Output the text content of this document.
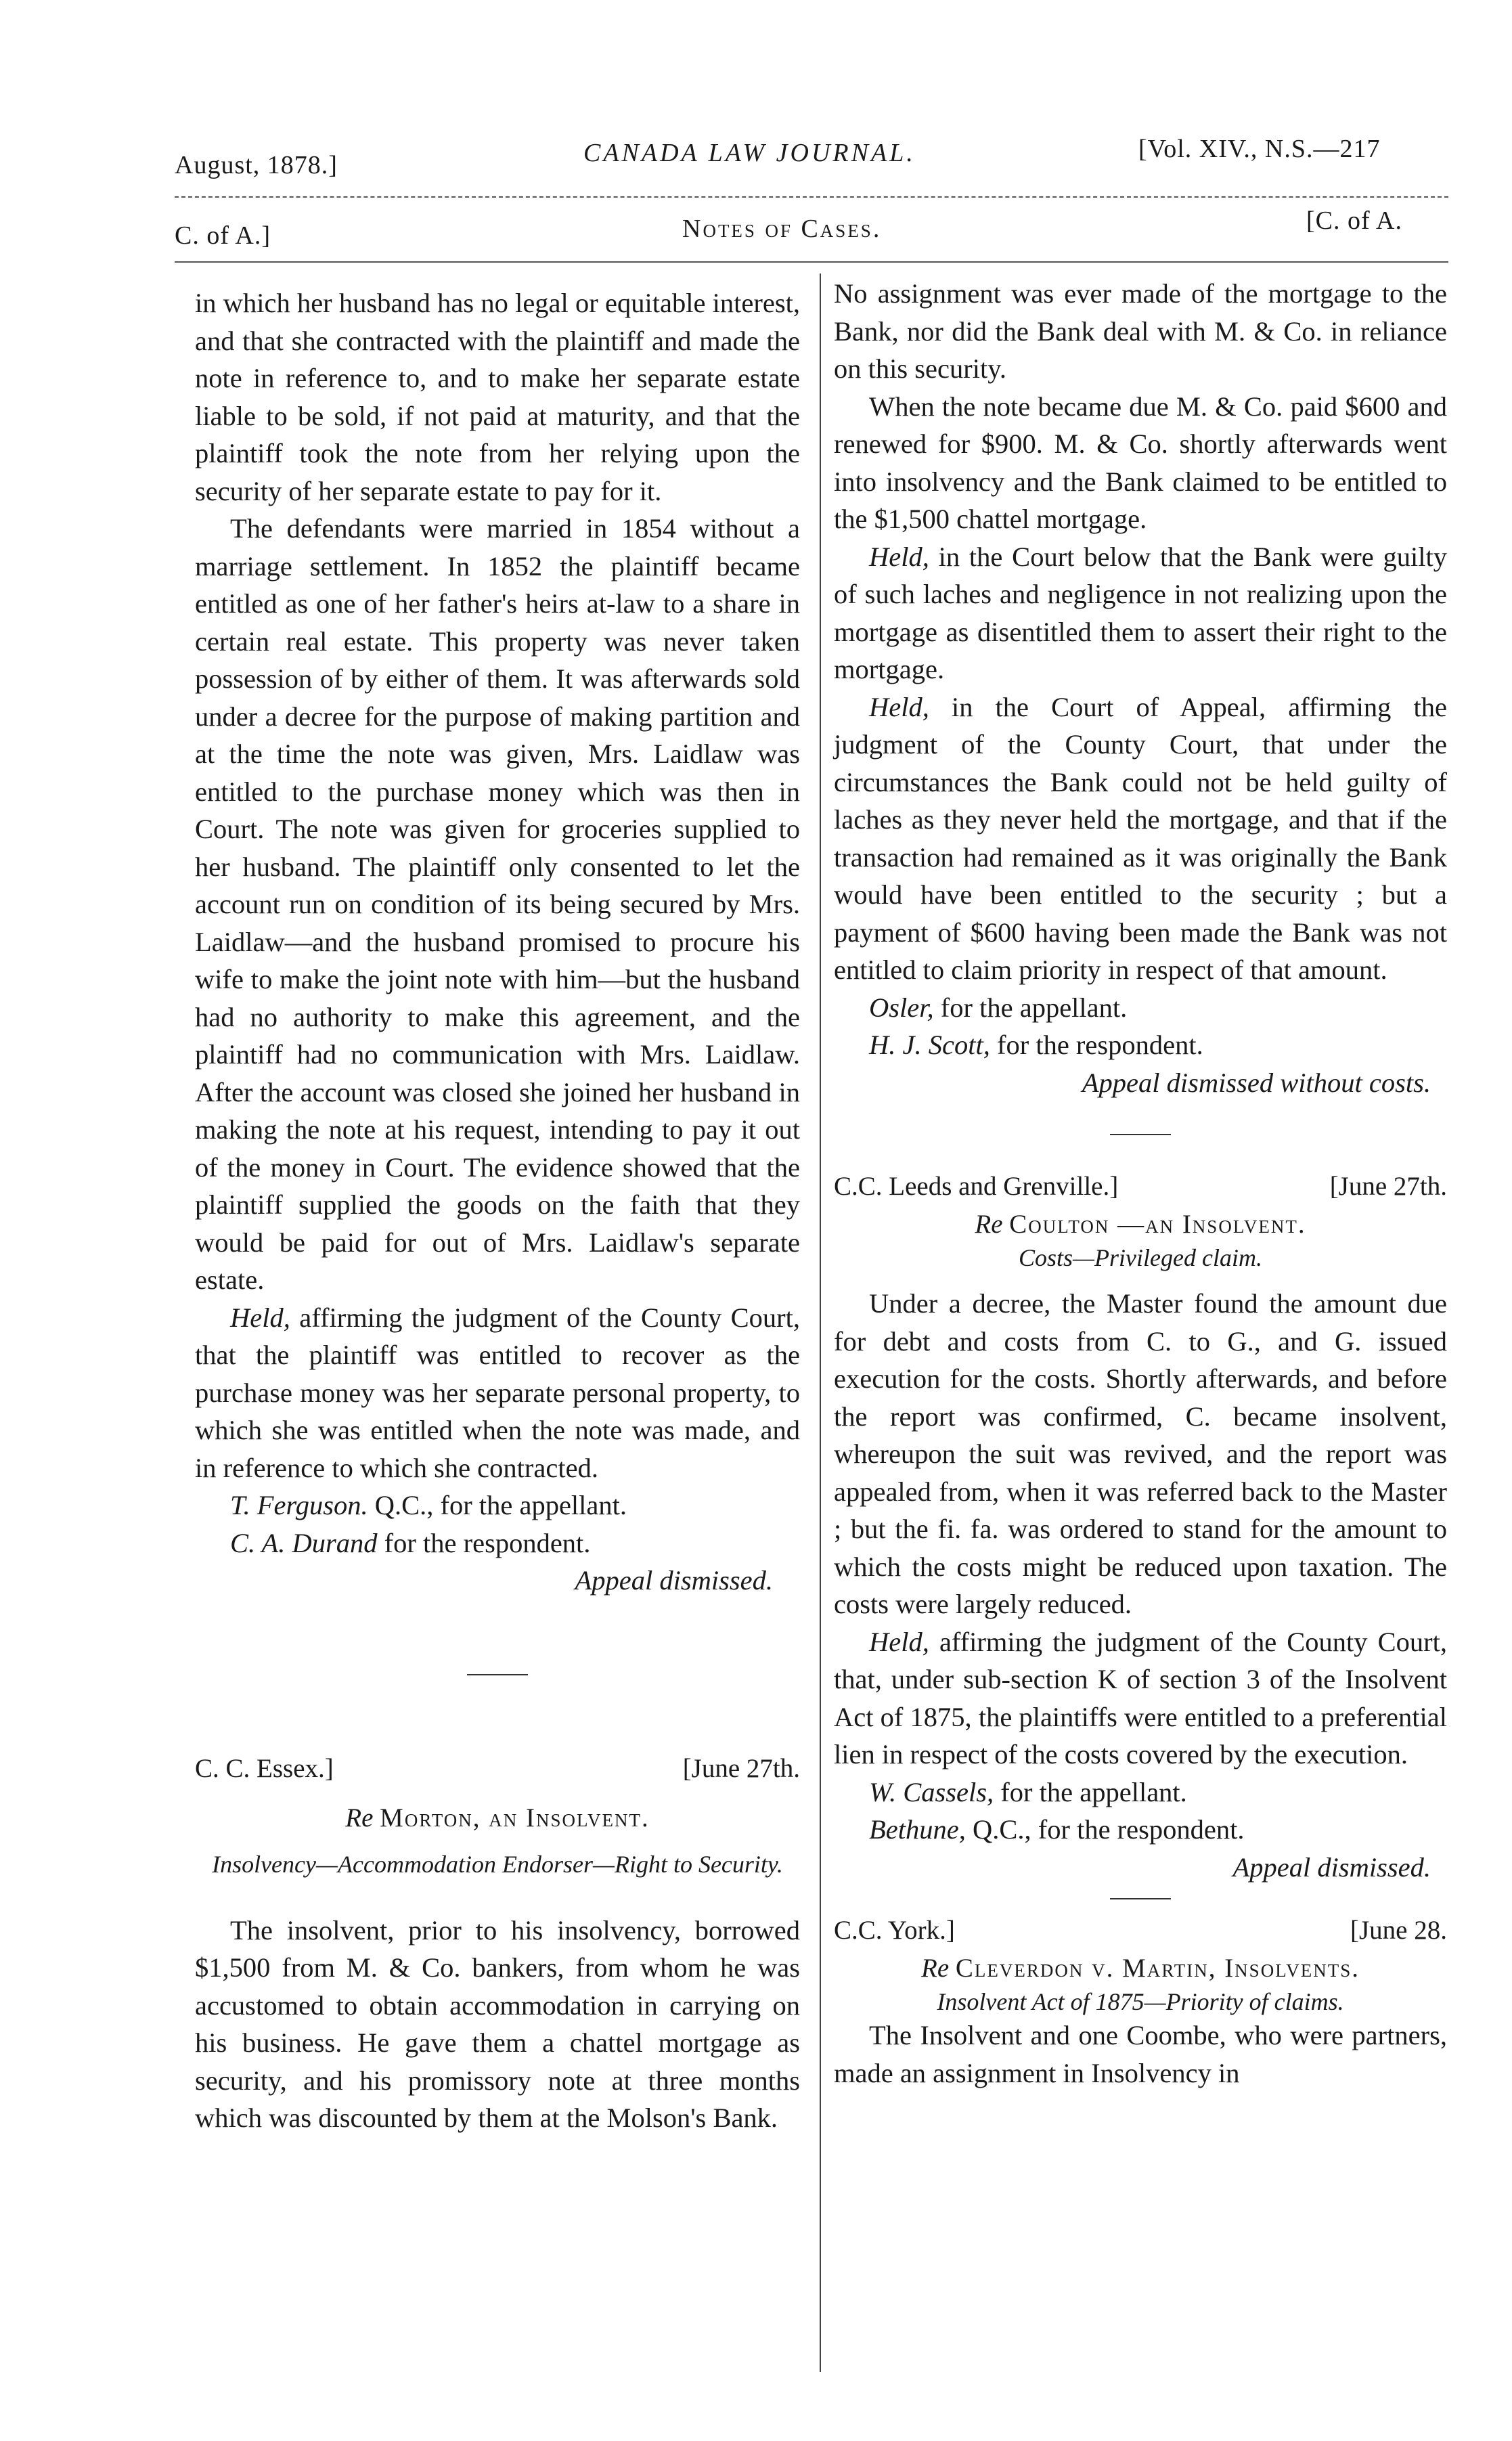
August, 1878.]	CANADA LAW JOURNAL.	[Vol. XIV., N.S.—217
C. of A.]	Notes of Cases.	[C. of A.

in which her husband has no legal or equitable interest, and that she contracted with the plaintiff and made the note in reference to, and to make her separate estate liable to be sold, if not paid at maturity, and that the plaintiff took the note from her relying upon the security of her separate estate to pay for it.

The defendants were married in 1854 without a marriage settlement. In 1852 the plaintiff became entitled as one of her father's heirs at-law to a share in certain real estate. This property was never taken possession of by either of them. It was afterwards sold under a decree for the purpose of making partition and at the time the note was given, Mrs. Laidlaw was entitled to the purchase money which was then in Court. The note was given for groceries supplied to her husband. The plaintiff only consented to let the account run on condition of its being secured by Mrs. Laidlaw—and the husband promised to procure his wife to make the joint note with him—but the husband had no authority to make this agreement, and the plaintiff had no communication with Mrs. Laidlaw. After the account was closed she joined her husband in making the note at his request, intending to pay it out of the money in Court. The evidence showed that the plaintiff supplied the goods on the faith that they would be paid for out of Mrs. Laidlaw's separate estate.

Held, affirming the judgment of the County Court, that the plaintiff was entitled to recover as the purchase money was her separate personal property, to which she was entitled when the note was made, and in reference to which she contracted.

T. Ferguson. Q.C., for the appellant.

C. A. Durand for the respondent.

Appeal dismissed.

C. C. Essex.]	[June 27th.

Re Morton, an Insolvent.

Insolvency—Accommodation Endorser—Right to Security.

The insolvent, prior to his insolvency, borrowed $1,500 from M. & Co. bankers, from whom he was accustomed to obtain accommodation in carrying on his business. He gave them a chattel mortgage as security, and his promissory note at three months which was discounted by them at the Molson's Bank.

No assignment was ever made of the mortgage to the Bank, nor did the Bank deal with M. & Co. in reliance on this security.

When the note became due M. & Co. paid $600 and renewed for $900. M. & Co. shortly afterwards went into insolvency and the Bank claimed to be entitled to the $1,500 chattel mortgage.

Held, in the Court below that the Bank were guilty of such laches and negligence in not realizing upon the mortgage as disentitled them to assert their right to the mortgage.

Held, in the Court of Appeal, affirming the judgment of the County Court, that under the circumstances the Bank could not be held guilty of laches as they never held the mortgage, and that if the transaction had remained as it was originally the Bank would have been entitled to the security ; but a payment of $600 having been made the Bank was not entitled to claim priority in respect of that amount.

Osler, for the appellant.

H. J. Scott, for the respondent.

Appeal dismissed without costs.

C.C. Leeds and Grenville.]	[June 27th.

Re Coulton —an Insolvent.

Costs—Privileged claim.

Under a decree, the Master found the amount due for debt and costs from C. to G., and G. issued execution for the costs. Shortly afterwards, and before the report was confirmed, C. became insolvent, whereupon the suit was revived, and the report was appealed from, when it was referred back to the Master ; but the fi. fa. was ordered to stand for the amount to which the costs might be reduced upon taxation. The costs were largely reduced.

Held, affirming the judgment of the County Court, that, under sub-section K of section 3 of the Insolvent Act of 1875, the plaintiffs were entitled to a preferential lien in respect of the costs covered by the execution.

W. Cassels, for the appellant.

Bethune, Q.C., for the respondent.

Appeal dismissed.

C.C. York.]	[June 28.

Re Cleverdon v. Martin, Insolvents.

Insolvent Act of 1875—Priority of claims.

The Insolvent and one Coombe, who were partners, made an assignment in Insolvency in
